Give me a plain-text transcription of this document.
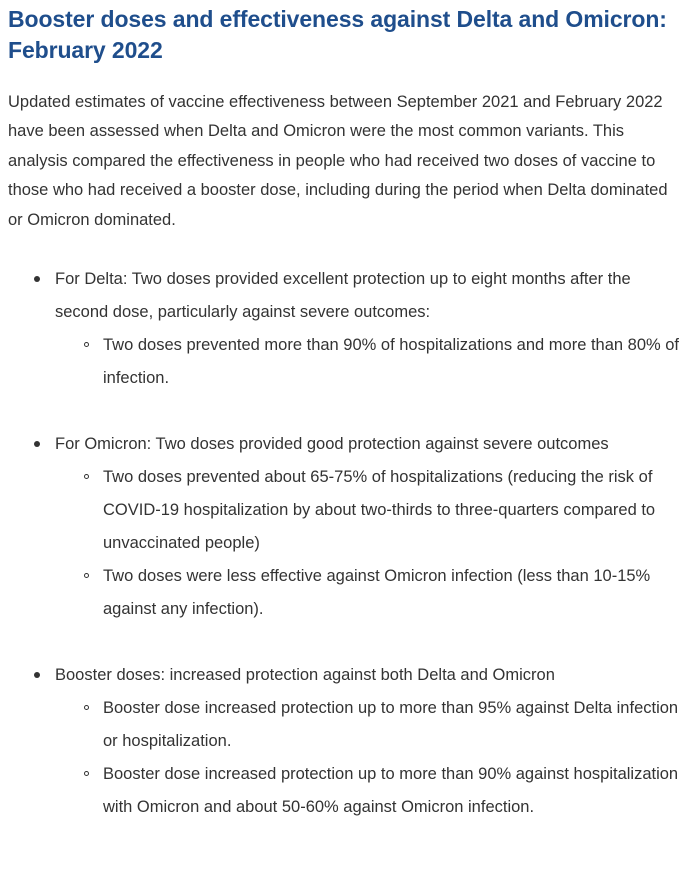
Booster doses and effectiveness against Delta and Omicron: February 2022

Updated estimates of vaccine effectiveness between September 2021 and February 2022 have been assessed when Delta and Omicron were the most common variants. This analysis compared the effectiveness in people who had received two doses of vaccine to those who had received a booster dose, including during the period when Delta dominated or Omicron dominated.

For Delta: Two doses provided excellent protection up to eight months after the second dose, particularly against severe outcomes:
Two doses prevented more than 90% of hospitalizations and more than 80% of infection.
For Omicron: Two doses provided good protection against severe outcomes
Two doses prevented about 65-75% of hospitalizations (reducing the risk of COVID-19 hospitalization by about two-thirds to three-quarters compared to unvaccinated people)
Two doses were less effective against Omicron infection (less than 10-15% against any infection).
Booster doses: increased protection against both Delta and Omicron
Booster dose increased protection up to more than 95% against Delta infection or hospitalization.
Booster dose increased protection up to more than 90% against hospitalization with Omicron and about 50-60% against Omicron infection.
